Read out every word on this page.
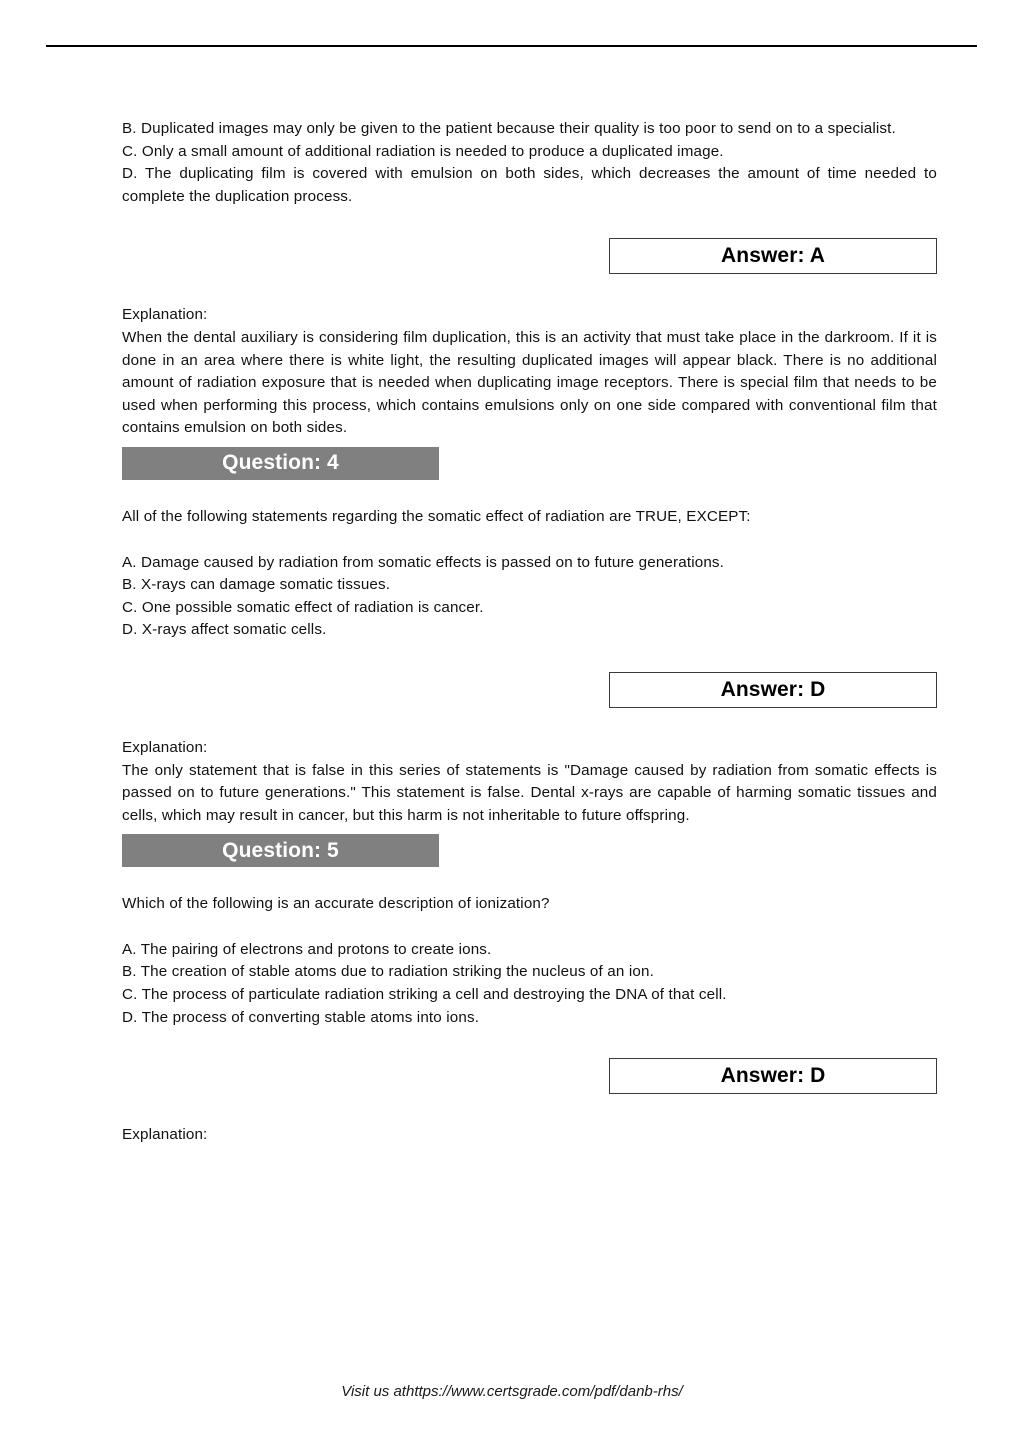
B. Duplicated images may only be given to the patient because their quality is too poor to send on to a specialist.

C. Only a small amount of additional radiation is needed to produce a duplicated image.

D. The duplicating film is covered with emulsion on both sides, which decreases the amount of time needed to complete the duplication process.

Answer: A

Explanation:

When the dental auxiliary is considering film duplication, this is an activity that must take place in the darkroom. If it is done in an area where there is white light, the resulting duplicated images will appear black. There is no additional amount of radiation exposure that is needed when duplicating image receptors. There is special film that needs to be used when performing this process, which contains emulsions only on one side compared with conventional film that contains emulsion on both sides.

Question: 4

All of the following statements regarding the somatic effect of radiation are TRUE, EXCEPT:

A. Damage caused by radiation from somatic effects is passed on to future generations.

B. X-rays can damage somatic tissues.

C. One possible somatic effect of radiation is cancer.

D. X-rays affect somatic cells.

Answer: D

Explanation:

The only statement that is false in this series of statements is "Damage caused by radiation from somatic effects is passed on to future generations." This statement is false. Dental x-rays are capable of harming somatic tissues and cells, which may result in cancer, but this harm is not inheritable to future offspring.

Question: 5

Which of the following is an accurate description of ionization?

A. The pairing of electrons and protons to create ions.

B. The creation of stable atoms due to radiation striking the nucleus of an ion.

C. The process of particulate radiation striking a cell and destroying the DNA of that cell.

D. The process of converting stable atoms into ions.

Answer: D

Explanation:

Visit us athttps://www.certsgrade.com/pdf/danb-rhs/
